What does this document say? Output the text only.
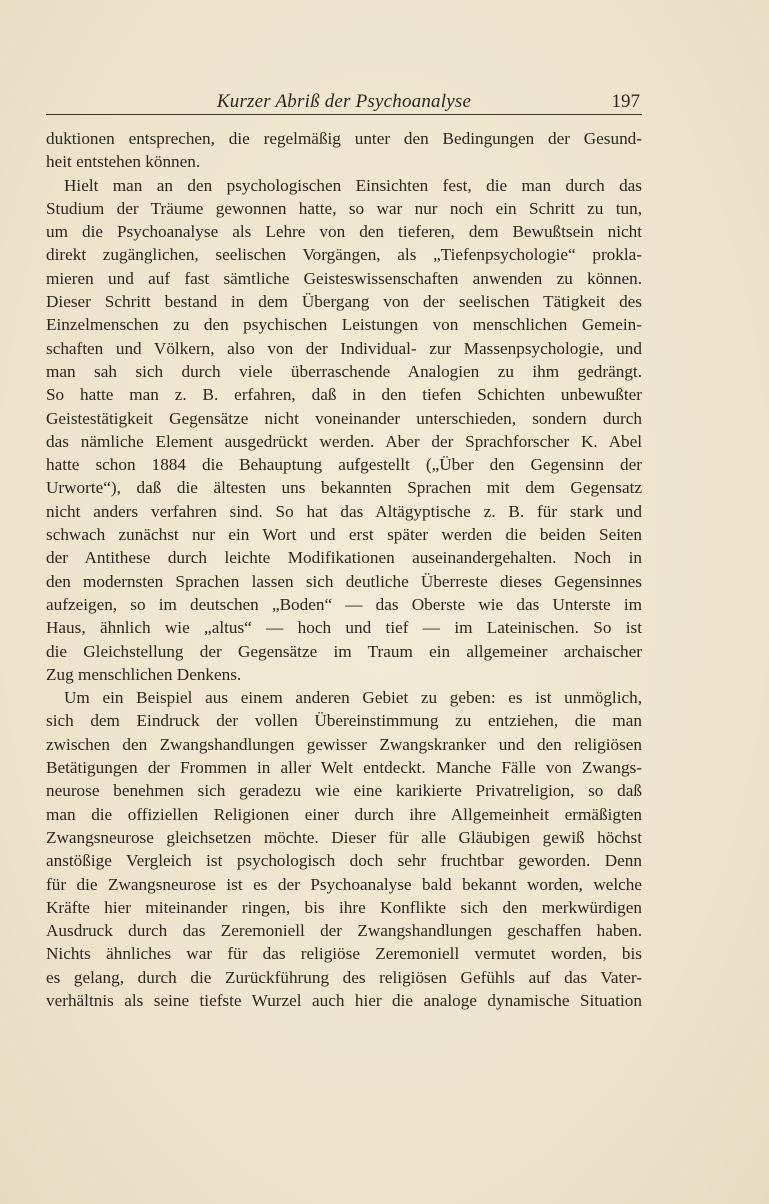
Kurzer Abriß der Psychoanalyse	197
duktionen entsprechen, die regelmäßig unter den Bedingungen der Gesund-
heit entstehen können.
Hielt man an den psychologischen Einsichten fest, die man durch das
Studium der Träume gewonnen hatte, so war nur noch ein Schritt zu tun,
um die Psychoanalyse als Lehre von den tieferen, dem Bewußtsein nicht
direkt zugänglichen, seelischen Vorgängen, als „Tiefenpsychologie“ prokla-
mieren und auf fast sämtliche Geisteswissenschaften anwenden zu können.
Dieser Schritt bestand in dem Übergang von der seelischen Tätigkeit des
Einzelmenschen zu den psychischen Leistungen von menschlichen Gemein-
schaften und Völkern, also von der Individual- zur Massenpsychologie, und
man sah sich durch viele überraschende Analogien zu ihm gedrängt.
So hatte man z. B. erfahren, daß in den tiefen Schichten unbewußter
Geistestätigkeit Gegensätze nicht voneinander unterschieden, sondern durch
das nämliche Element ausgedrückt werden. Aber der Sprachforscher K. Abel
hatte schon 1884 die Behauptung aufgestellt („Über den Gegensinn der
Urworte“), daß die ältesten uns bekannten Sprachen mit dem Gegensatz
nicht anders verfahren sind. So hat das Altägyptische z. B. für stark und
schwach zunächst nur ein Wort und erst später werden die beiden Seiten
der Antithese durch leichte Modifikationen auseinandergehalten. Noch in
den modernsten Sprachen lassen sich deutliche Überreste dieses Gegensinnes
aufzeigen, so im deutschen „Boden“ — das Oberste wie das Unterste im
Haus, ähnlich wie „altus“ — hoch und tief — im Lateinischen. So ist
die Gleichstellung der Gegensätze im Traum ein allgemeiner archaischer
Zug menschlichen Denkens.
Um ein Beispiel aus einem anderen Gebiet zu geben: es ist unmöglich,
sich dem Eindruck der vollen Übereinstimmung zu entziehen, die man
zwischen den Zwangshandlungen gewisser Zwangskranker und den religiösen
Betätigungen der Frommen in aller Welt entdeckt. Manche Fälle von Zwangs-
neurose benehmen sich geradezu wie eine karikierte Privatreligion, so daß
man die offiziellen Religionen einer durch ihre Allgemeinheit ermäßigten
Zwangsneurose gleichsetzen möchte. Dieser für alle Gläubigen gewiß höchst
anstößige Vergleich ist psychologisch doch sehr fruchtbar geworden. Denn
für die Zwangsneurose ist es der Psychoanalyse bald bekannt worden, welche
Kräfte hier miteinander ringen, bis ihre Konflikte sich den merkwürdigen
Ausdruck durch das Zeremoniell der Zwangshandlungen geschaffen haben.
Nichts ähnliches war für das religiöse Zeremoniell vermutet worden, bis
es gelang, durch die Zurückführung des religiösen Gefühls auf das Vater-
verhältnis als seine tiefste Wurzel auch hier die analoge dynamische Situation
